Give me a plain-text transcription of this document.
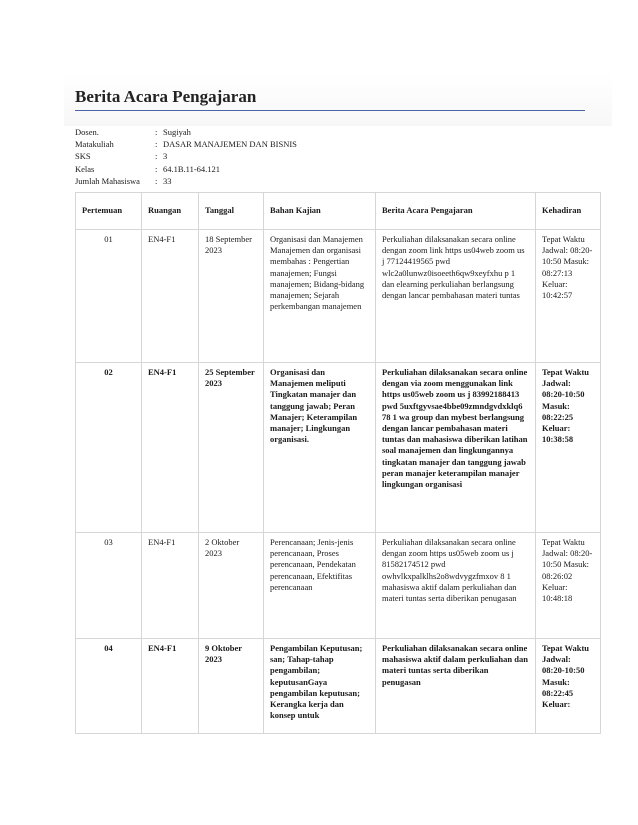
Berita Acara Pengajaran
Dosen.	: Sugiyah
Matakuliah	: DASAR MANAJEMEN DAN BISNIS
SKS	: 3
Kelas	: 64.1B.11-64.121
Jumlah Mahasiswa	: 33
Pertemuan	Ruangan	Tanggal	Bahan Kajian	Berita Acara Pengajaran	Kehadiran
01	EN4-F1	18 September 2023	Organisasi dan Manajemen Manajemen dan organisasi membahas : Pengertian manajemen; Fungsi manajemen; Bidang-bidang manajemen; Sejarah perkembangan manajemen	Perkuliahan dilaksanakan secara online dengan zoom link https us04web zoom us j 77124419565 pwd wlc2a0lunwz0isoeeth6qw9xeyfxhu p 1 dan elearning perkuliahan berlangsung dengan lancar pembahasan materi tuntas	Tepat Waktu Jadwal: 08:20-10:50 Masuk: 08:27:13 Keluar: 10:42:57
02	EN4-F1	25 September 2023	Organisasi dan Manajemen meliputi Tingkatan manajer dan tanggung jawab; Peran Manajer; Keterampilan manajer; Lingkungan organisasi.	Perkuliahan dilaksanakan secara online dengan via zoom menggunakan link https us05web zoom us j 83992188413 pwd 5uxftgyvsae4bbe09zmndgvdxklq6 78 1 wa group dan mybest berlangsung dengan lancar pembahasan materi tuntas dan mahasiswa diberikan latihan soal manajemen dan lingkungannya tingkatan manajer dan tanggung jawab peran manajer keterampilan manajer lingkungan organisasi	Tepat Waktu Jadwal: 08:20-10:50 Masuk: 08:22:25 Keluar: 10:38:58
03	EN4-F1	2 Oktober 2023	Perencanaan; Jenis-jenis perencanaan, Proses perencanaan, Pendekatan perencanaan, Efektifitas perencanaan	Perkuliahan dilaksanakan secara online dengan zoom https us05web zoom us j 81582174512 pwd owhvlkxpalklhs2o8wdvygzfmxov 8 1 mahasiswa aktif dalam perkuliahan dan materi tuntas serta diberikan penugasan	Tepat Waktu Jadwal: 08:20-10:50 Masuk: 08:26:02 Keluar: 10:48:18
04	EN4-F1	9 Oktober 2023	Pengambilan Keputusan; san; Tahap-tahap pengambilan; keputusanGaya pengambilan keputusan; Kerangka kerja dan konsep untuk	Perkuliahan dilaksanakan secara online mahasiswa aktif dalam perkuliahan dan materi tuntas serta diberikan penugasan	Tepat Waktu Jadwal: 08:20-10:50 Masuk: 08:22:45 Keluar:
